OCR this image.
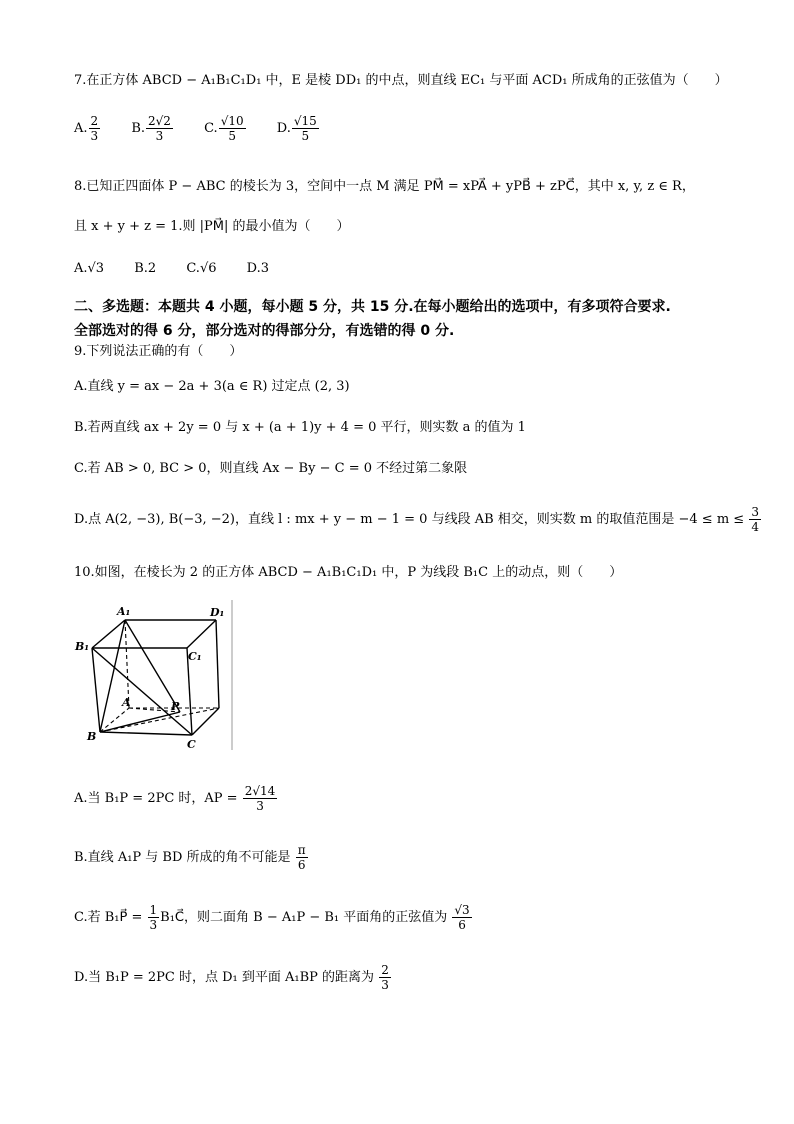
7.在正方体 ABCD − A₁B₁C₁D₁ 中，E 是棱 DD₁ 的中点，则直线 EC₁ 与平面 ACD₁ 所成角的正弦值为（　　）
A. $\frac{2}{3} B$. $\frac{2√2}{3} C$. $\frac{√10}{5} D$. $\frac{√15}{5}$
8.已知正四面体 P − ABC 的棱长为 3，空间中一点 M 满足 PM⃗ = xPA⃗ + yPB⃗ + zPC⃗，其中 x, y, z ∈ R，
且 x + y + z = 1.则 |PM⃗| 的最小值为（　　）
A.√3 B.2 C.√6 D.3
二、多选题：本题共 4 小题，每小题 5 分，共 15 分.在每小题给出的选项中，有多项符合要求.
全部选对的得 6 分，部分选对的得部分分，有选错的得 0 分.
9.下列说法正确的有（　　）
A.直线 y = ax − 2a + 3(a ∈ R) 过定点 (2, 3)
B.若两直线 ax + 2y = 0 与 x + (a + 1)y + 4 = 0 平行，则实数 a 的值为 1
C.若 AB > 0, BC > 0，则直线 Ax − By − C = 0 不经过第二象限
D.点 A(2, −3), B(−3, −2)，直线 l : mx + y − m − 1 = 0 与线段 AB 相交，则实数 m 的取值范围是 $-4 \le m \le \frac{3}{4}$
10.如图，在棱长为 2 的正方体 ABCD − A₁B₁C₁D₁ 中，P 为线段 B₁C 上的动点，则（　　）
A₁	D₁
B₁
C₁
A	P
B
C
A.当 B₁P = 2PC 时，AP = $\frac{2√14}{3}$
B.直线 A₁P 与 BD 所成的角不可能是 $\frac{\pi}{6}$
C.若 B₁P⃗ = $\frac{1}{3}$ B₁C⃗，则二面角 B − A₁P − B₁ 平面角的正弦值为 $\frac{√3}{6}$
D.当 B₁P = 2PC 时，点 D₁ 到平面 A₁BP 的距离为 $\frac{2}{3}$
